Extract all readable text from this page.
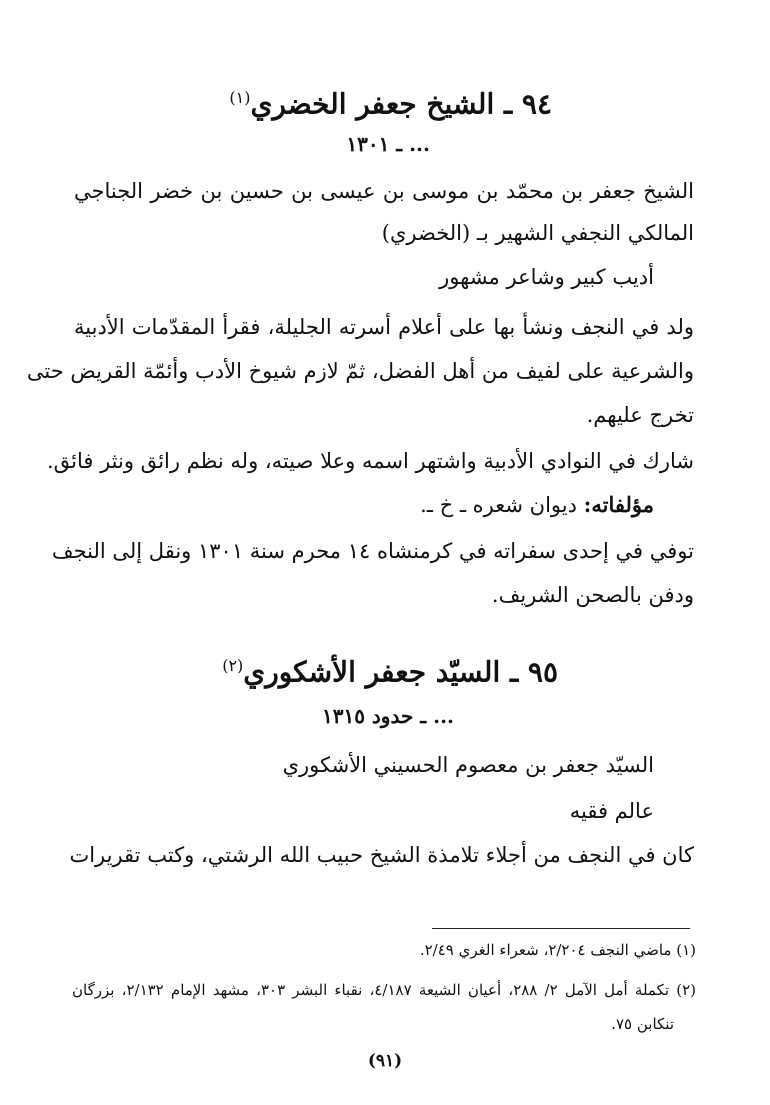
٩٤ ـ الشيخ جعفر الخضري$^{(١)}$
... ـ ١٣٠١
الشيخ جعفر بن محمّد بن موسى بن عيسى بن حسين بن خضر الجناجي
المالكي النجفي الشهير بـ (الخضري)
أديب كبير وشاعر مشهور
ولد في النجف ونشأ بها على أعلام أسرته الجليلة، فقرأ المقدّمات الأدبية
والشرعية على لفيف من أهل الفضل، ثمّ لازم شيوخ الأدب وأئمّة القريض حتى
تخرج عليهم.
شارك في النوادي الأدبية واشتهر اسمه وعلا صيته، وله نظم رائق ونثر فائق.
مؤلفاته: ديوان شعره ـ خ ـ.
توفي في إحدى سفراته في كرمنشاه ١٤ محرم سنة ١٣٠١ ونقل إلى النجف
ودفن بالصحن الشريف.
٩٥ ـ السيّد جعفر الأشكوري$^{(٢)}$
... ـ حدود ١٣١٥
السيّد جعفر بن معصوم الحسيني الأشكوري
عالم فقيه
كان في النجف من أجلاء تلامذة الشيخ حبيب الله الرشتي، وكتب تقريرات
(١) ماضي النجف ٢/٢٠٤، شعراء الغري ٢/٤٩.
(٢) تكملة أمل الآمل ٢/ ٢٨٨، أعيان الشيعة ٤/١٨٧، نقباء البشر ٣٠٣، مشهد الإمام ٢/١٣٢، بزرگان
تنكابن ٧٥.
(٩١)
